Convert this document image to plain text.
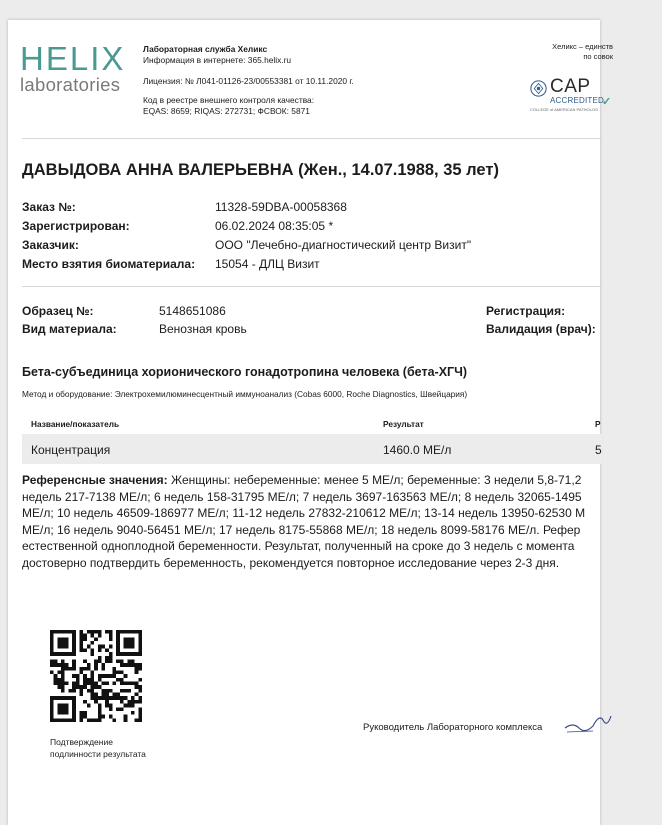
HELIX
laboratories
Лабораторная служба Хеликс
Информация в интернете: 365.helix.ru
Лицензия: № Л041-01126-23/00553381 от 10.11.2020 г.
Код в реестре внешнего контроля качества:
EQAS: 8659; RIQAS: 272731; ФСВОК: 5871
Хеликс – единств
по совок
CAP
ACCREDITED
✓
COLLEGE of AMERICAN PATHOLOG
ДАВЫДОВА АННА ВАЛЕРЬЕВНА (Жен., 14.07.1988, 35 лет)
Заказ №:	11328-59DBA-00058368
Зарегистрирован:	06.02.2024 08:35:05 *
Заказчик:	ООО "Лечебно-диагностический центр Визит"
Место взятия биоматериала: 15054 - ДЛЦ Визит
Образец №:	5148651086	Регистрация:
Вид материала:	Венозная кровь	Валидация (врач):
Бета-субъединица хорионического гонадотропина человека (бета-ХГЧ)
Метод и оборудование: Электрохемилюминесцентный иммуноанализ (Cobas 6000, Roche Diagnostics, Швейцария)
Название/показатель	Результат	Р
Концентрация	1460.0 МЕ/л	5
Референсные значения: Женщины: небеременные: менее 5 МЕ/л; беременные: 3 недели 5,8-71,2
недель 217-7138 МЕ/л; 6 недель 158-31795 МЕ/л; 7 недель 3697-163563 МЕ/л; 8 недель 32065-1495
МЕ/л; 10 недель 46509-186977 МЕ/л; 11-12 недель 27832-210612 МЕ/л; 13-14 недель 13950-62530 М
МЕ/л; 16 недель 9040-56451 МЕ/л; 17 недель 8175-55868 МЕ/л; 18 недель 8099-58176 МЕ/л. Рефер
естественной одноплодной беременности. Результат, полученный на сроке до 3 недель с момента
достоверно подтвердить беременность, рекомендуется повторное исследование через 2-3 дня.
Подтверждение
подлинности результата
Руководитель Лабораторного комплекса
